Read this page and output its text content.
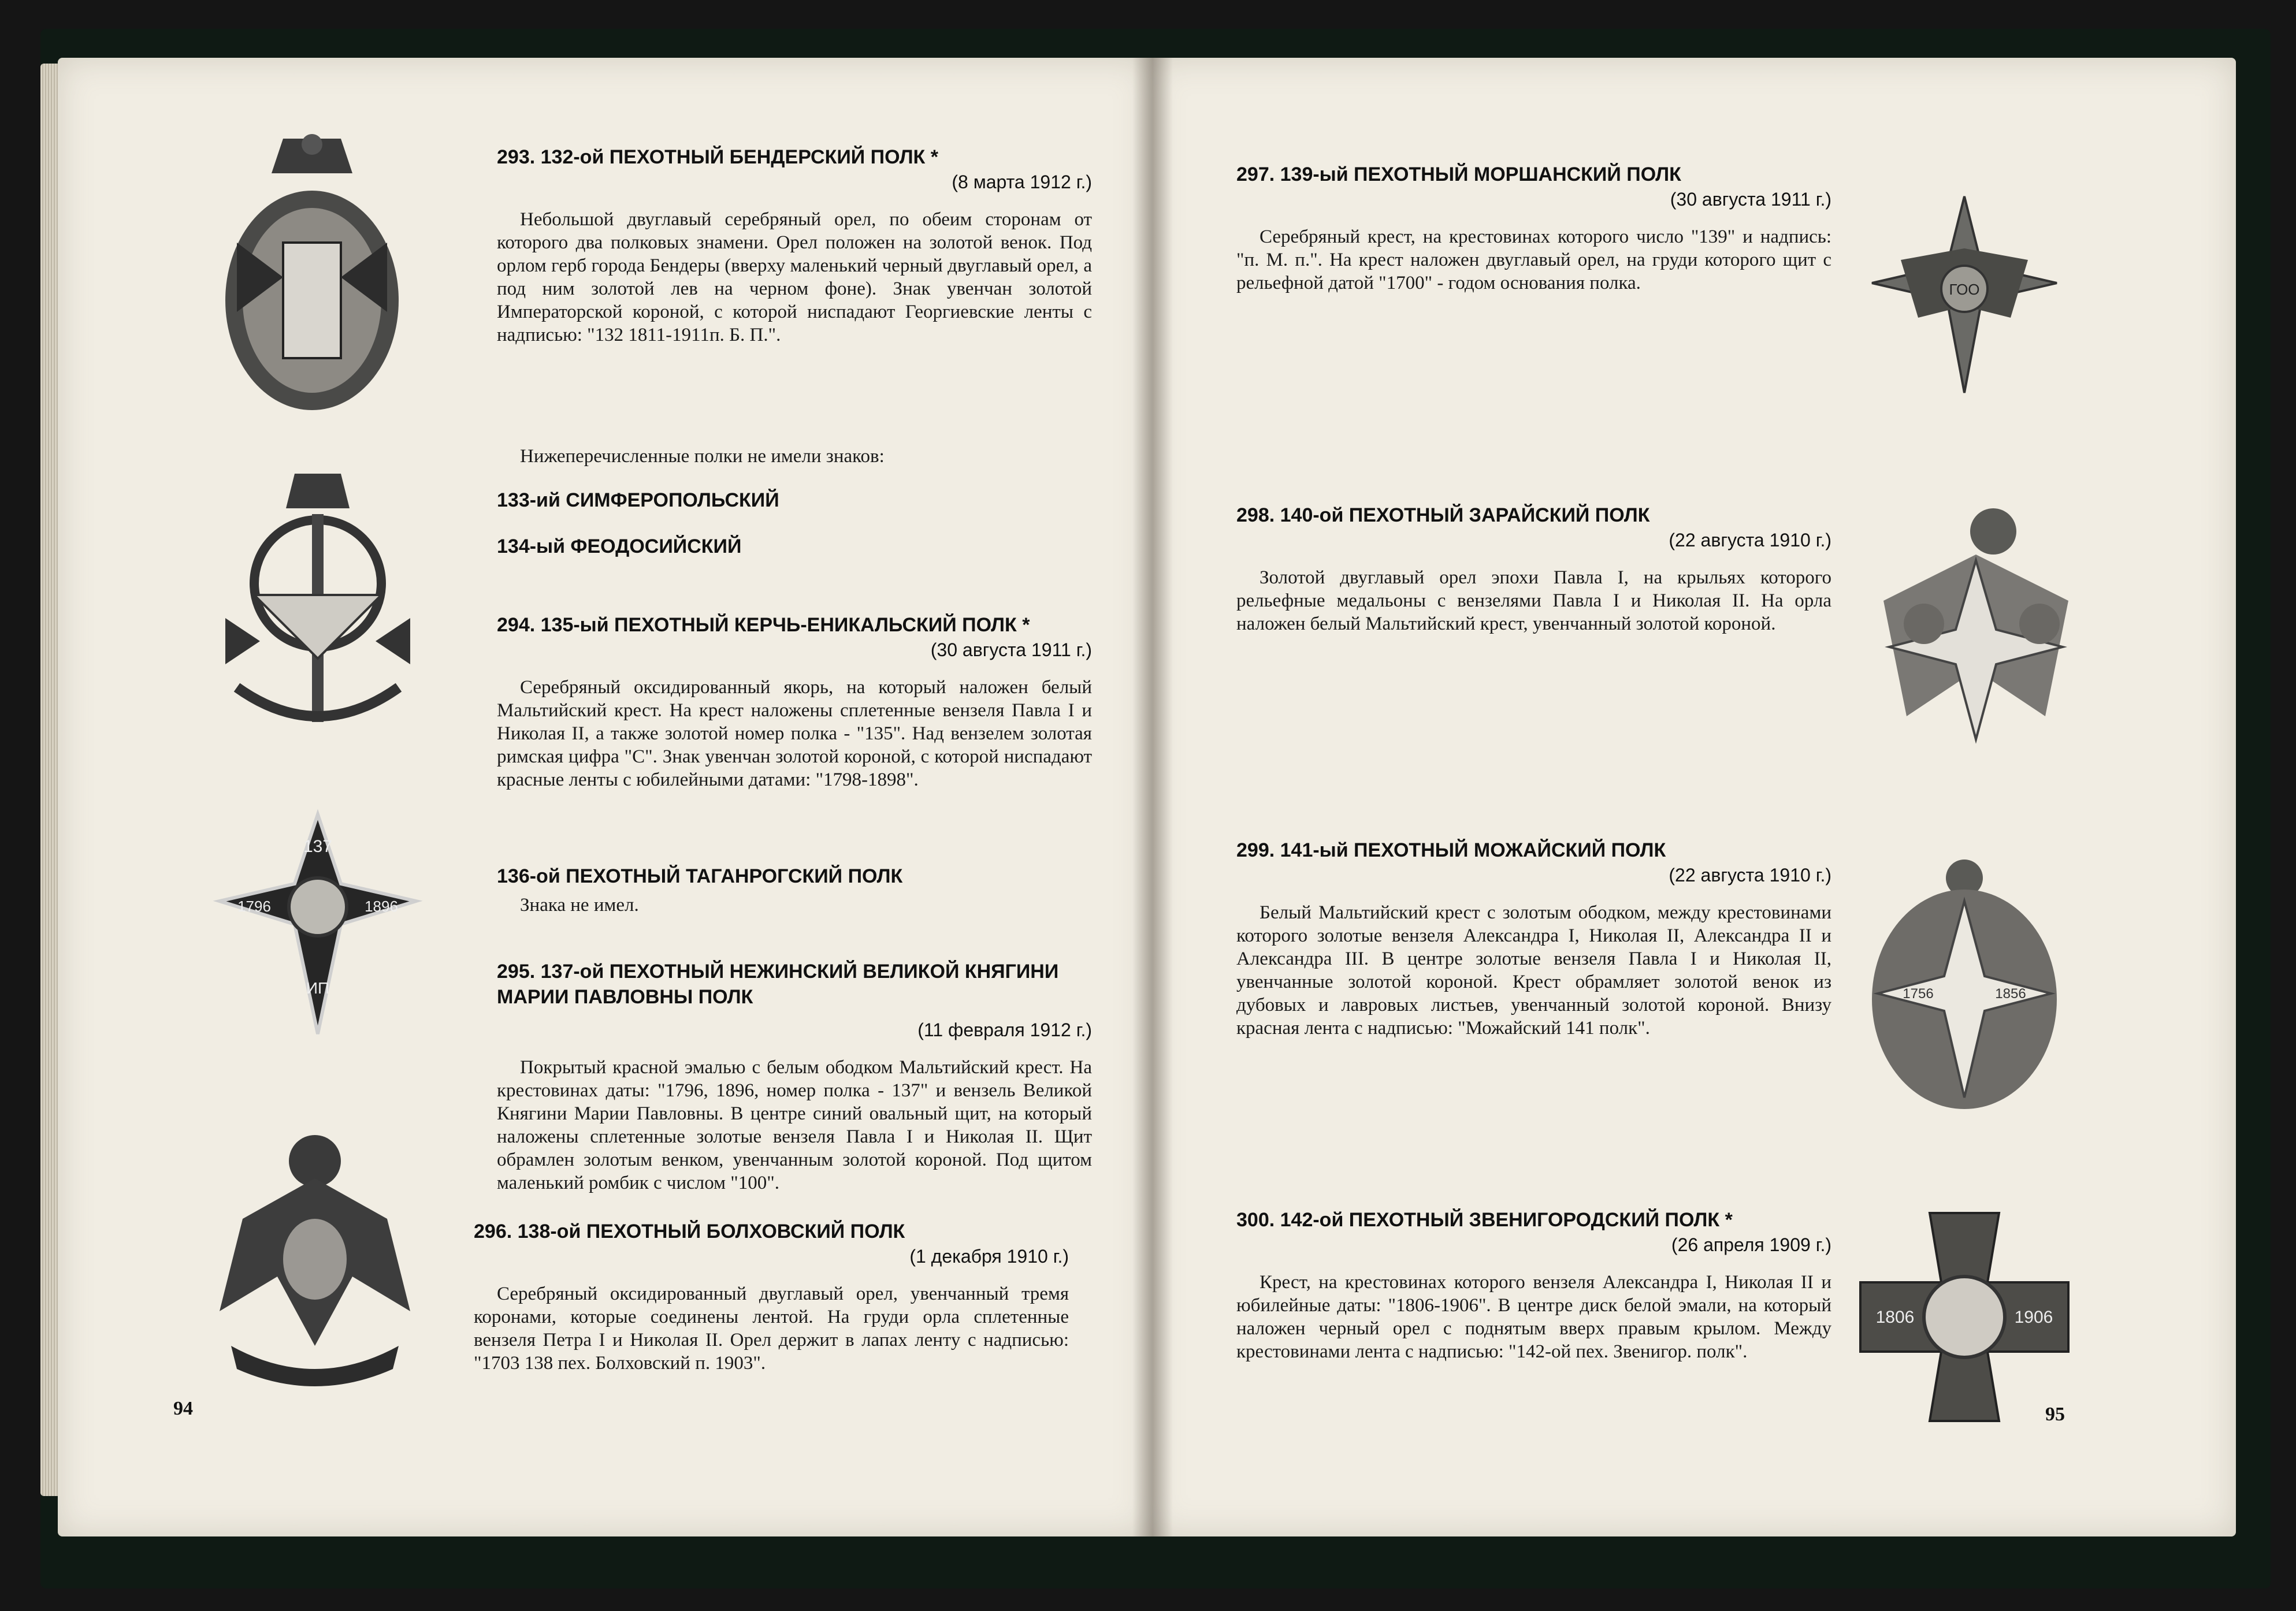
137
1796	1896
ИП
293. 132-ой ПЕХОТНЫЙ БЕНДЕРСКИЙ ПОЛК *
(8 марта 1912 г.)
Небольшой двуглавый серебряный орел, по обеим сторонам от которого два полковых знамени. Орел положен на золотой венок. Под орлом герб города Бендеры (вверху маленький черный двуглавый орел, а под ним золотой лев на черном фоне). Знак увенчан золотой Императорской короной, с которой ниспадают Георгиевские ленты с надписью: "132 1811-1911п. Б. П.".
Нижеперечисленные полки не имели знаков:
133-ий СИМФЕРОПОЛЬСКИЙ
134-ый ФЕОДОСИЙСКИЙ
294. 135-ый ПЕХОТНЫЙ КЕРЧЬ-ЕНИКАЛЬСКИЙ ПОЛК *
(30 августа 1911 г.)
Серебряный оксидированный якорь, на который наложен белый Мальтийский крест. На крест наложены сплетенные вензеля Павла I и Николая II, а также золотой номер полка - "135". Над вензелем золотая римская цифра "С". Знак увенчан золотой короной, с которой ниспадают красные ленты с юбилейными датами: "1798-1898".
136-ой ПЕХОТНЫЙ ТАГАНРОГСКИЙ ПОЛК
Знака не имел.
295. 137-ой ПЕХОТНЫЙ НЕЖИНСКИЙ ВЕЛИКОЙ КНЯГИНИ МАРИИ ПАВЛОВНЫ ПОЛК
(11 февраля 1912 г.)
Покрытый красной эмалью с белым ободком Мальтийский крест. На крестовинах даты: "1796, 1896, номер полка - 137" и вензель Великой Княгини Марии Павловны. В центре синий овальный щит, на который наложены сплетенные золотые вензеля Павла I и Николая II. Щит обрамлен золотым венком, увенчанным золотой короной. Под щитом маленький ромбик с числом "100".
296. 138-ой ПЕХОТНЫЙ БОЛХОВСКИЙ ПОЛК
(1 декабря 1910 г.)
Серебряный оксидированный двуглавый орел, увенчанный тремя коронами, которые соединены лентой. На груди орла сплетенные вензеля Петра I и Николая II. Орел держит в лапах ленту с надписью: "1703 138 пех. Болховский п. 1903".
94
297. 139-ый ПЕХОТНЫЙ МОРШАНСКИЙ ПОЛК
(30 августа 1911 г.)
Серебряный крест, на крестовинах которого число "139" и надпись: "п. М. п.". На крест наложен двуглавый орел, на груди которого щит с рельефной датой "1700" - годом основания полка.
298. 140-ой ПЕХОТНЫЙ ЗАРАЙСКИЙ ПОЛК
(22 августа 1910 г.)
Золотой двуглавый орел эпохи Павла I, на крыльях которого рельефные медальоны с вензелями Павла I и Николая II. На орла наложен белый Мальтийский крест, увенчанный золотой короной.
299. 141-ый ПЕХОТНЫЙ МОЖАЙСКИЙ ПОЛК
(22 августа 1910 г.)
Белый Мальтийский крест с золотым ободком, между крестовинами которого золотые вензеля Александра I, Николая II, Александра II и Александра III. В центре золотые вензеля Павла I и Николая II, увенчанные золотой короной. Крест обрамляет золотой венок из дубовых и лавровых листьев, увенчанный золотой короной. Внизу красная лента с надписью: "Можайский 141 полк".
300. 142-ой ПЕХОТНЫЙ ЗВЕНИГОРОДСКИЙ ПОЛК *
(26 апреля 1909 г.)
Крест, на крестовинах которого вензеля Александра I, Николая II и юбилейные даты: "1806-1906". В центре диск белой эмали, на который наложен черный орел с поднятым вверх правым крылом. Между крестовинами лента с надписью: "142-ой пех. Звенигор. полк".
ГОО
1756	1856
1806	1906
95
